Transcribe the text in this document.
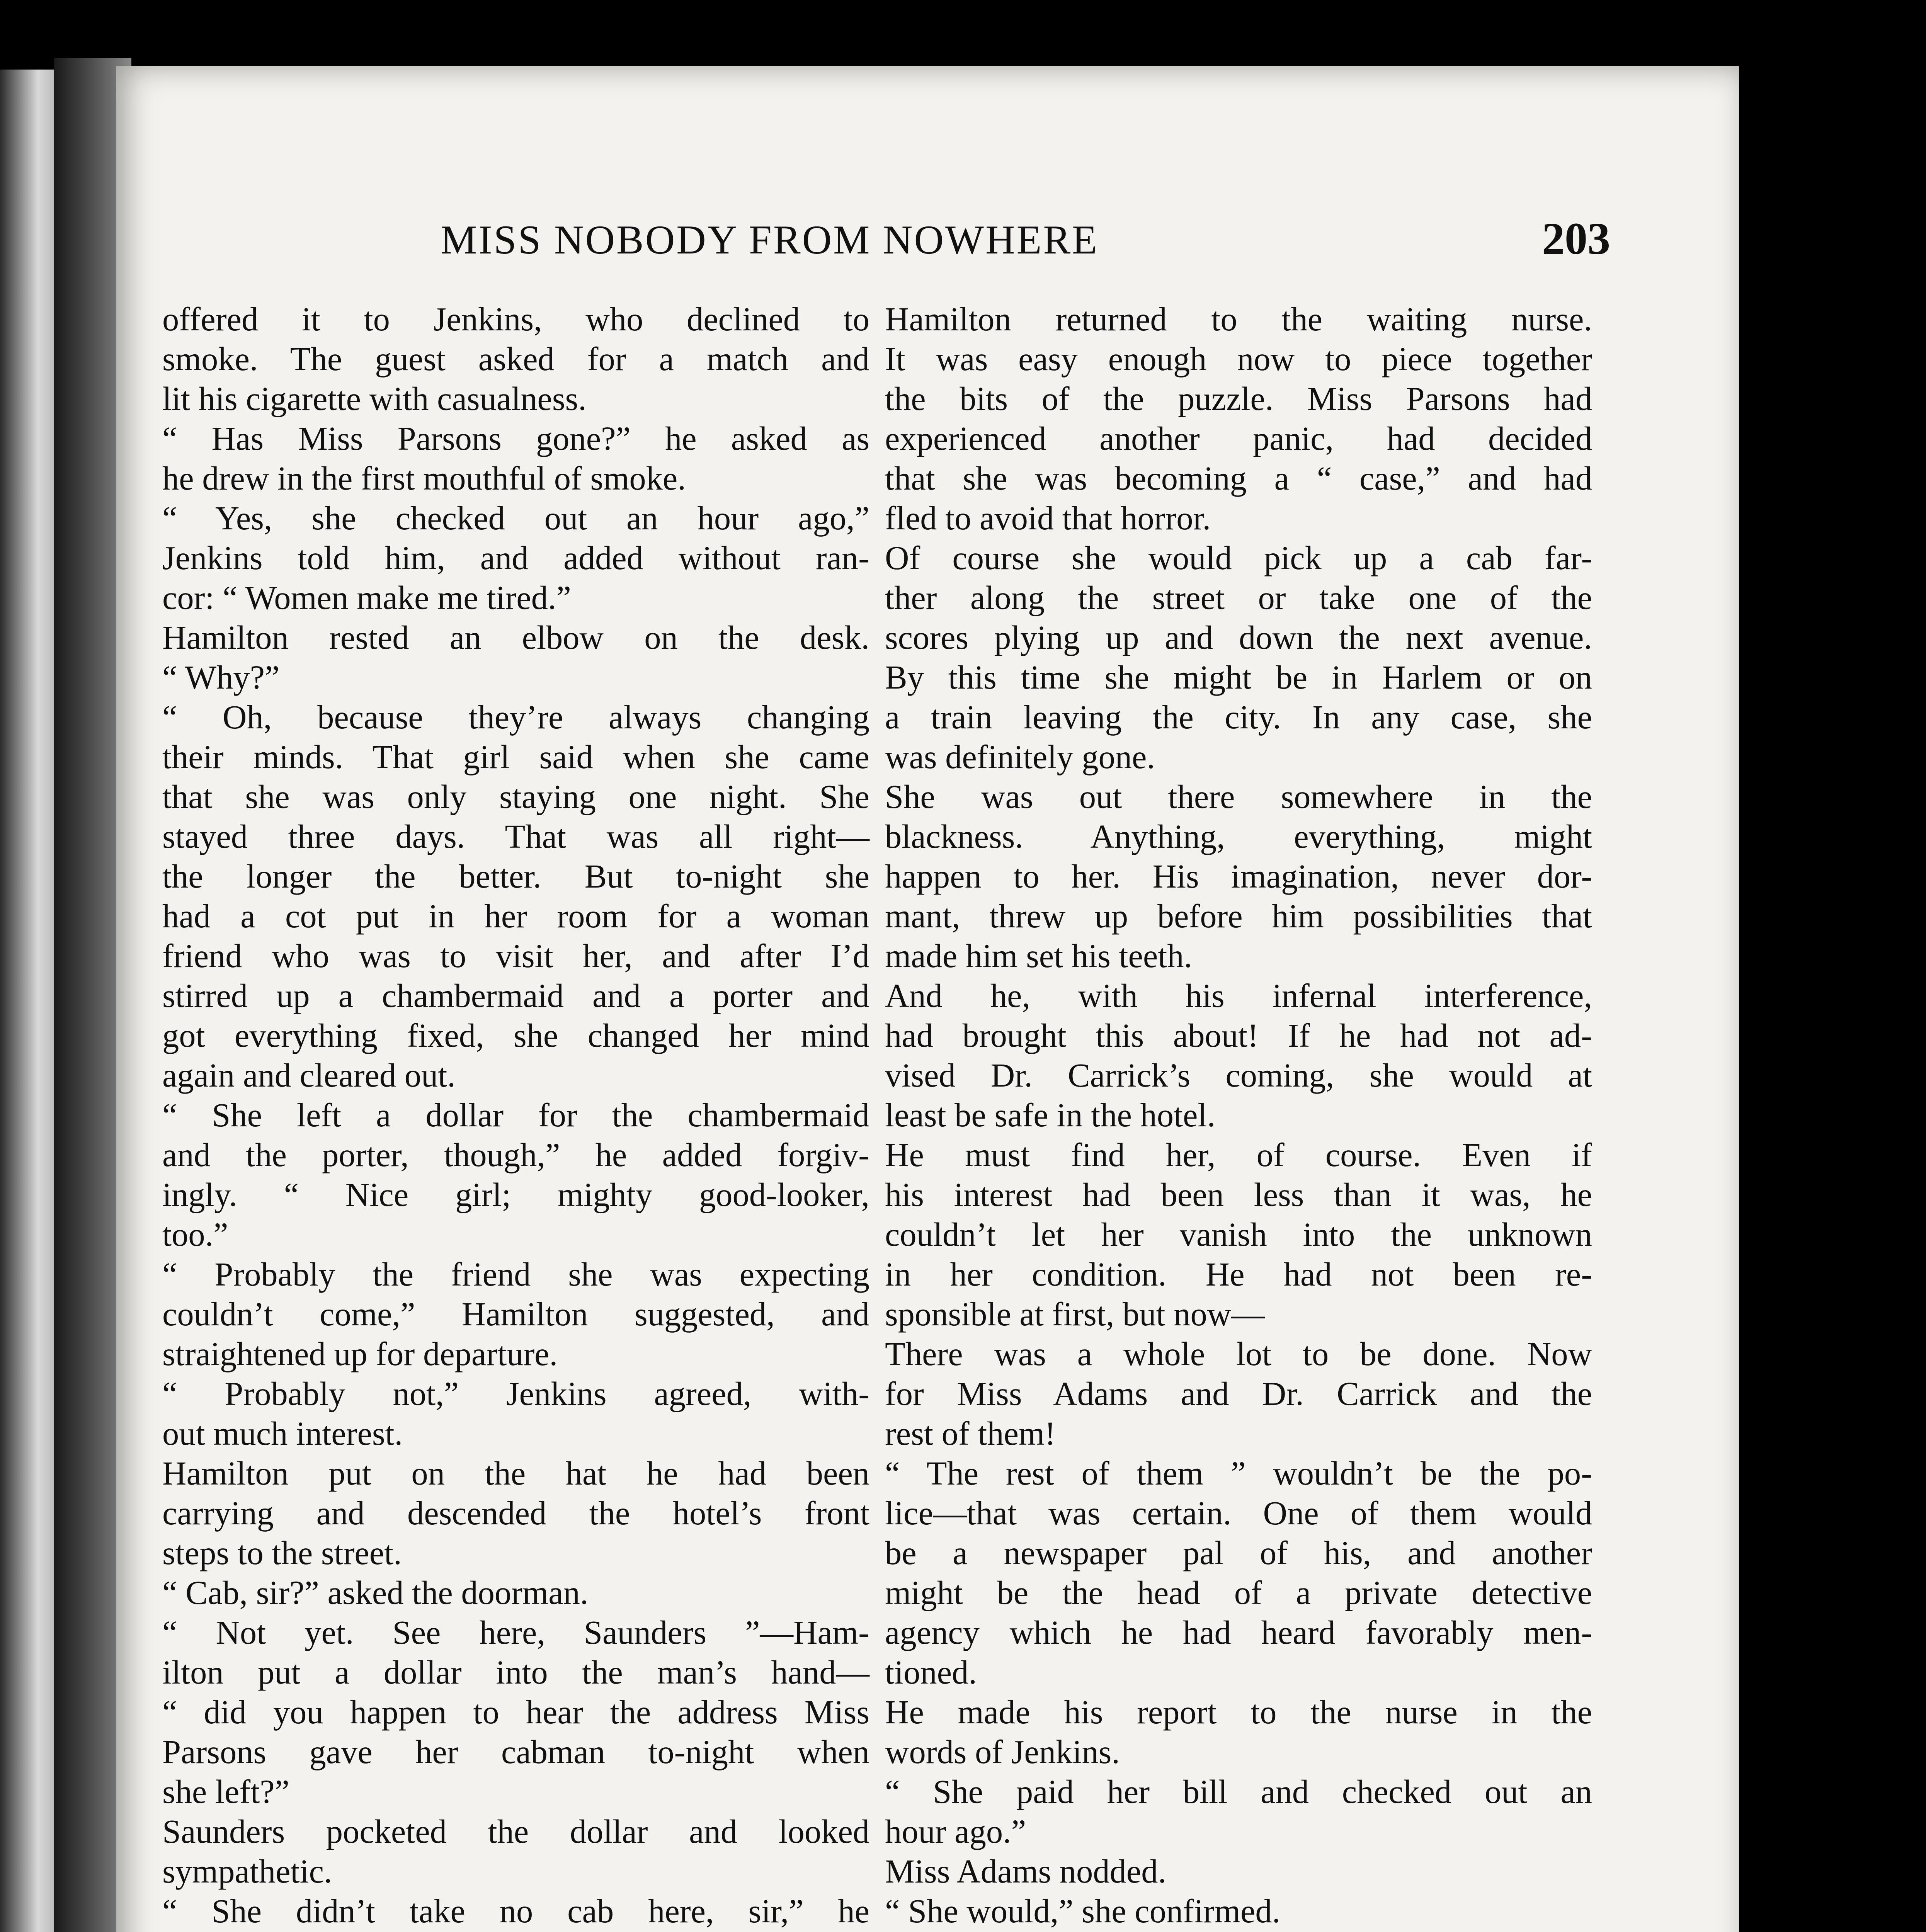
MISS NOBODY FROM NOWHERE	203
offered it to Jenkins, who declined to
smoke. The guest asked for a match and
lit his cigarette with casualness.
“ Has Miss Parsons gone?” he asked as
he drew in the first mouthful of smoke.
“ Yes, she checked out an hour ago,”
Jenkins told him, and added without ran-
cor: “ Women make me tired.”
Hamilton rested an elbow on the desk.
“ Why?”
“ Oh, because they’re always changing
their minds. That girl said when she came
that she was only staying one night. She
stayed three days. That was all right—
the longer the better. But to-night she
had a cot put in her room for a woman
friend who was to visit her, and after I’d
stirred up a chambermaid and a porter and
got everything fixed, she changed her mind
again and cleared out.
“ She left a dollar for the chambermaid
and the porter, though,” he added forgiv-
ingly. “ Nice girl; mighty good-looker,
too.”
“ Probably the friend she was expecting
couldn’t come,” Hamilton suggested, and
straightened up for departure.
“ Probably not,” Jenkins agreed, with-
out much interest.
Hamilton put on the hat he had been
carrying and descended the hotel’s front
steps to the street.
“ Cab, sir?” asked the doorman.
“ Not yet. See here, Saunders ”—Ham-
ilton put a dollar into the man’s hand—
“ did you happen to hear the address Miss
Parsons gave her cabman to-night when
she left?”
Saunders pocketed the dollar and looked
sympathetic.
“ She didn’t take no cab here, sir,” he
Hamilton returned to the waiting nurse.
It was easy enough now to piece together
the bits of the puzzle. Miss Parsons had
experienced another panic, had decided
that she was becoming a “ case,” and had
fled to avoid that horror.
Of course she would pick up a cab far-
ther along the street or take one of the
scores plying up and down the next avenue.
By this time she might be in Harlem or on
a train leaving the city. In any case, she
was definitely gone.
She was out there somewhere in the
blackness. Anything, everything, might
happen to her. His imagination, never dor-
mant, threw up before him possibilities that
made him set his teeth.
And he, with his infernal interference,
had brought this about! If he had not ad-
vised Dr. Carrick’s coming, she would at
least be safe in the hotel.
He must find her, of course. Even if
his interest had been less than it was, he
couldn’t let her vanish into the unknown
in her condition. He had not been re-
sponsible at first, but now—
There was a whole lot to be done. Now
for Miss Adams and Dr. Carrick and the
rest of them!
“ The rest of them ” wouldn’t be the po-
lice—that was certain. One of them would
be a newspaper pal of his, and another
might be the head of a private detective
agency which he had heard favorably men-
tioned.
He made his report to the nurse in the
words of Jenkins.
“ She paid her bill and checked out an
hour ago.”
Miss Adams nodded.
“ She would,” she confirmed.
